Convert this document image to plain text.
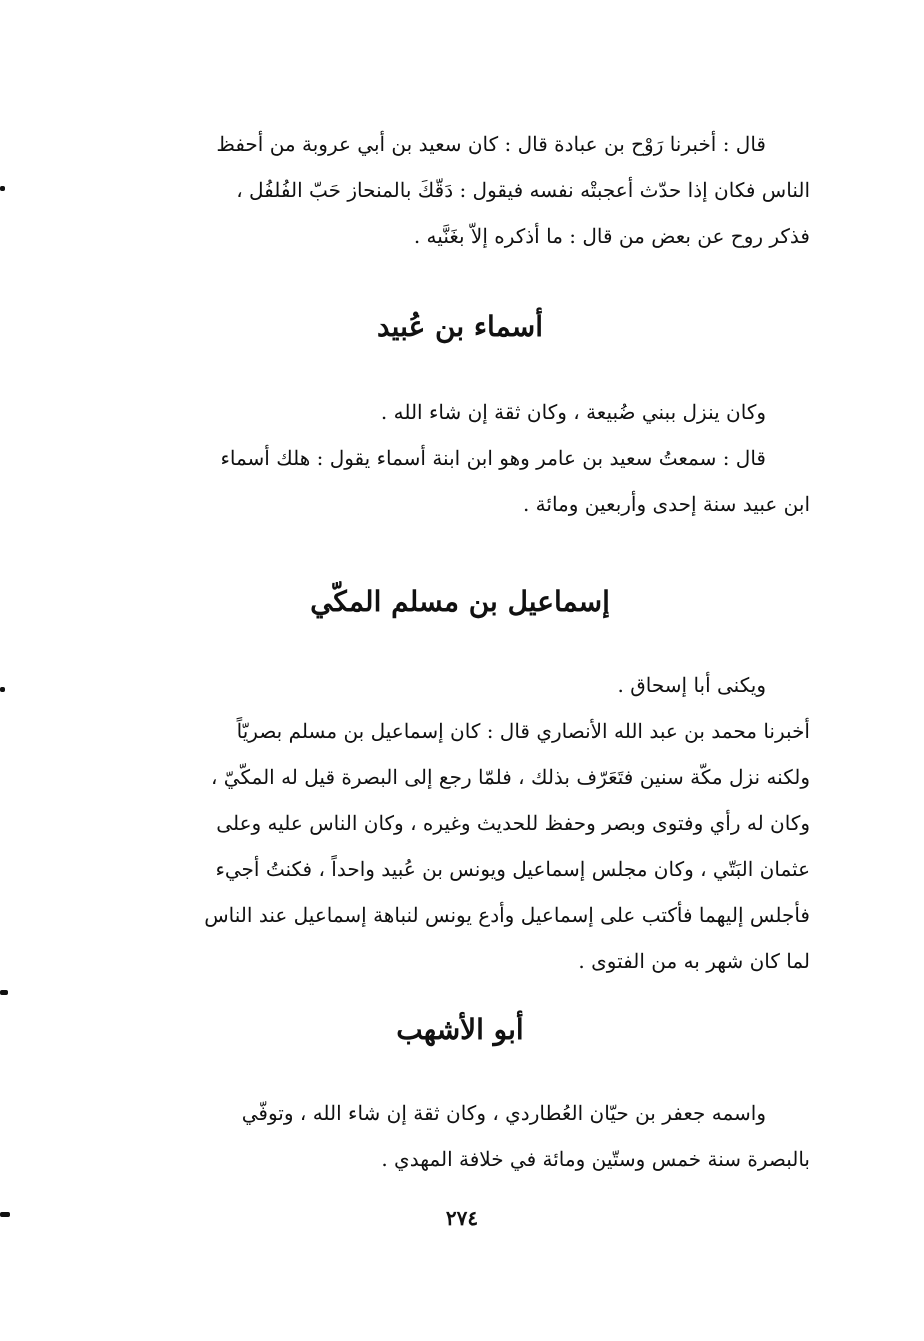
قال : أخبرنا رَوْح بن عبادة قال : كان سعيد بن أبي عروبة من أحفظ
الناس فكان إذا حدّث أعجبتْه نفسه فيقول : دَقّكَ بالمنحاز حَبّ الفُلفُل ،
فذكر روح عن بعض من قال : ما أذكره إلاّ بغَنَّيه .
أسماء بن عُبيد
وكان ينزل ببني ضُبيعة ، وكان ثقة إن شاء الله .
قال : سمعتُ سعيد بن عامر وهو ابن ابنة أسماء يقول : هلك أسماء
ابن عبيد سنة إحدى وأربعين ومائة .
إسماعيل بن مسلم المكّي
ويكنى أبا إسحاق .
أخبرنا محمد بن عبد الله الأنصاري قال : كان إسماعيل بن مسلم بصريّاً
ولكنه نزل مكّة سنين فتَعَرّف بذلك ، فلمّا رجع إلى البصرة قيل له المكّيّ ،
وكان له رأي وفتوى وبصر وحفظ للحديث وغيره ، وكان الناس عليه وعلى
عثمان البَتّي ، وكان مجلس إسماعيل ويونس بن عُبيد واحداً ، فكنتُ أجيء
فأجلس إليهما فأكتب على إسماعيل وأدع يونس لنباهة إسماعيل عند الناس
لما كان شهر به من الفتوى .
أبو الأشهب
واسمه جعفر بن حيّان العُطاردي ، وكان ثقة إن شاء الله ، وتوفّي
بالبصرة سنة خمس وستّين ومائة في خلافة المهدي .
٢٧٤
